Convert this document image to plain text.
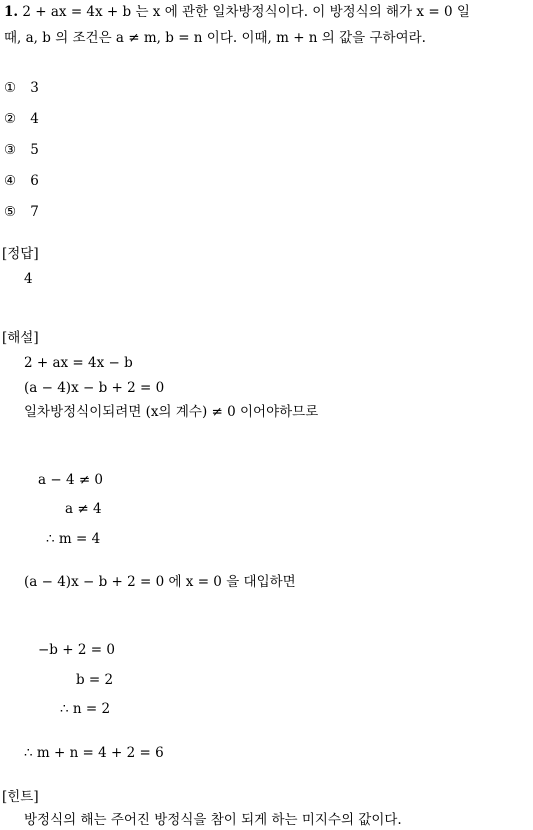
1. 2 + ax = 4x + b 는 x 에 관한 일차방정식이다. 이 방정식의 해가 x = 0 일
때, a, b 의 조건은 a ≠ m, b = n 이다. 이때, m + n 의 값을 구하여라.
① 3
② 4
③ 5
④ 6
⑤ 7
[정답]
4
[해설]
2 + ax = 4x − b
(a − 4)x − b + 2 = 0
일차방정식이되려면 (x의 계수) ≠ 0 이어야하므로
a − 4 ≠ 0
a ≠ 4
∴ m = 4
(a − 4)x − b + 2 = 0 에 x = 0 을 대입하면
−b + 2 = 0
b = 2
∴ n = 2
∴ m + n = 4 + 2 = 6
[힌트]
방정식의 해는 주어진 방정식을 참이 되게 하는 미지수의 값이다.
